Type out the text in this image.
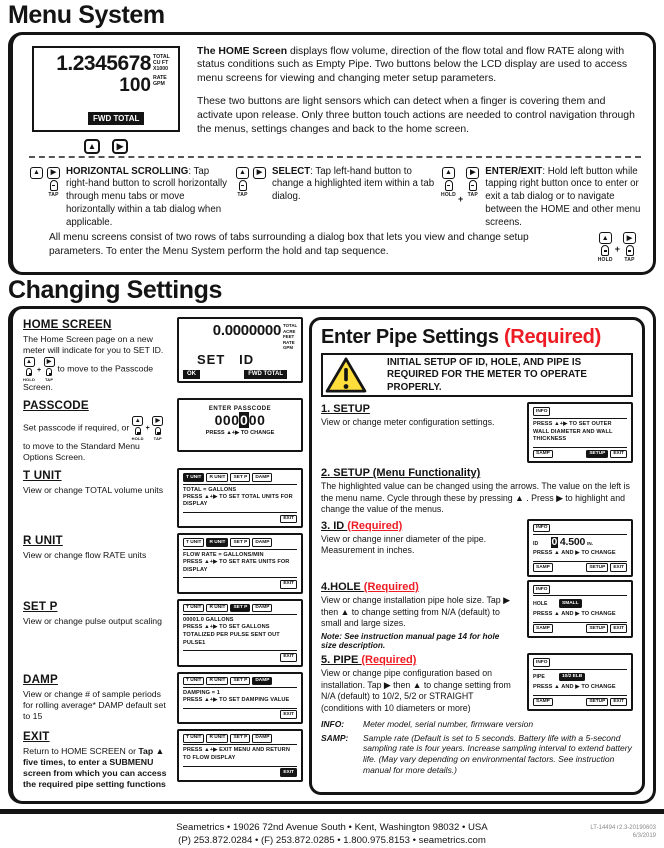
Menu System
1.2345678 TOTAL
CU FT
X1000
100 RATE
GPM
FWD TOTAL
▲	▶

The HOME Screen displays flow volume, direction of the flow total and flow RATE along with status conditions such as Empty Pipe. Two buttons below the LCD display are used to access menu screens for viewing and changing meter setup parameters.

These two buttons are light sensors which can detect when a finger is covering them and activate upon release. Only three button touch actions are needed to control navigation through the menus, settings changes and back to the home screen.

▲	▶
TAP

HORIZONTAL SCROLLING: Tap right-hand button to scroll horizontally through menu tabs or move horizontally within a tab dialog when applicable.

▲
TAP
▶	SELECT: Tap left-hand button to change a highlighted item within a tab dialog.

▲
HOLD +
▶
TAP

ENTER/EXIT: Hold left button while tapping right button once to enter or exit a tab dialog or to navigate between the HOME and other menu screens.

All menu screens consist of two rows of tabs surrounding a dialog box that lets you view and change setup parameters. To enter the Menu System perform the hold and tap sequence.

▲
HOLD
+
▶
TAP
Changing Settings
HOME SCREEN
The Home Screen page on a new meter will indicate for you to SET ID.
▲
HOLD
+
▶
TAP
to move to the Passcode Screen.
0.0000000 TOTAL
ACRE
FEET
RATE
GPM
SET   ID
OK	FWD TOTAL
PASSCODE
Set passcode if required, or
▲
HOLD
+
▶
TAP
to move to the Standard Menu Options Screen.
ENTER PASSCODE
000000
PRESS ▲+▶ TO CHANGE
T UNIT
View or change TOTAL volume units
T UNIT	R UNIT	SET P	DAMP
TOTAL = GALLONS
PRESS ▲+▶ TO SET TOTAL UNITS FOR DISPLAY
EXIT
R UNIT
View or change flow RATE units
T UNIT	R UNIT	SET P	DAMP
FLOW RATE = GALLONS/MIN
PRESS ▲+▶ TO SET RATE UNITS FOR DISPLAY
EXIT
SET P
View or change pulse output scaling
T UNIT	R UNIT	SET P	DAMP
00001.0 GALLONS
PRESS ▲+▶ TO SET GALLONS TOTALIZED PER PULSE SENT OUT PULSE1
EXIT
DAMP
View or change # of sample periods for rolling average* DAMP default set to 15
T UNIT	R UNIT	SET P	DAMP
DAMPING = 1
PRESS ▲+▶ TO SET DAMPING VALUE
EXIT
EXIT
Return to HOME SCREEN or Tap ▲ five times, to enter a SUBMENU screen from which you can access the required pipe setting functions
T UNIT	R UNIT	SET P	DAMP
PRESS ▲+▶ EXIT MENU AND RETURN TO FLOW DISPLAY
EXIT
Enter Pipe Settings (Required)
INITIAL SETUP OF ID, HOLE, AND PIPE IS REQUIRED FOR THE METER TO OPERATE PROPERLY.
1. SETUP
View or change meter configuration settings.
INFO
PRESS ▲+▶ TO SET OUTER WALL DIAMETER AND WALL THICKNESS
SAMP	SETUP	EXIT
2. SETUP (Menu Functionality)
The highlighted value can be changed using the arrows. The value on the left is the menu name. Cycle through these by pressing ▲ . Press ▶ to highlight and change the value of the menus.
3. ID (Required)
View or change inner diameter of the pipe. Measurement in inches.
INFO
ID	0 4.500 IN.
PRESS ▲ AND ▶ TO CHANGE
SAMP	SETUP	EXIT
4.HOLE (Required)
View or change installation pipe hole size. Tap ▶ then ▲ to change setting from N/A (default) to small and large sizes.
Note: See instruction manual page 14 for hole size description.
INFO
HOLE	SMALL
PRESS ▲ AND ▶ TO CHANGE
SAMP	SETUP	EXIT
5. PIPE (Required)
View or change pipe configuration based on installation. Tap ▶ then ▲ to change setting from N/A (default) to 10/2, 5/2 or STRAIGHT (conditions with 10 diameters or more)
INFO
PIPE	10/2 ELB
PRESS ▲ AND ▶ TO CHANGE
SAMP	SETUP	EXIT
INFO:	Meter model, serial number, firmware version
SAMP:	Sample rate (Default is set to 5 seconds. Battery life with a 5-second sampling rate is four years. Increase sampling interval to extend battery life. (May vary depending on environmental factors. See instruction manual for more details.)
Seametrics • 19026 72nd Avenue South • Kent, Washington 98032 • USA
(P) 253.872.0284 • (F) 253.872.0285 • 1.800.975.8153 • seametrics.com
LT-14494 r2.3-20190603
6/3/2019
